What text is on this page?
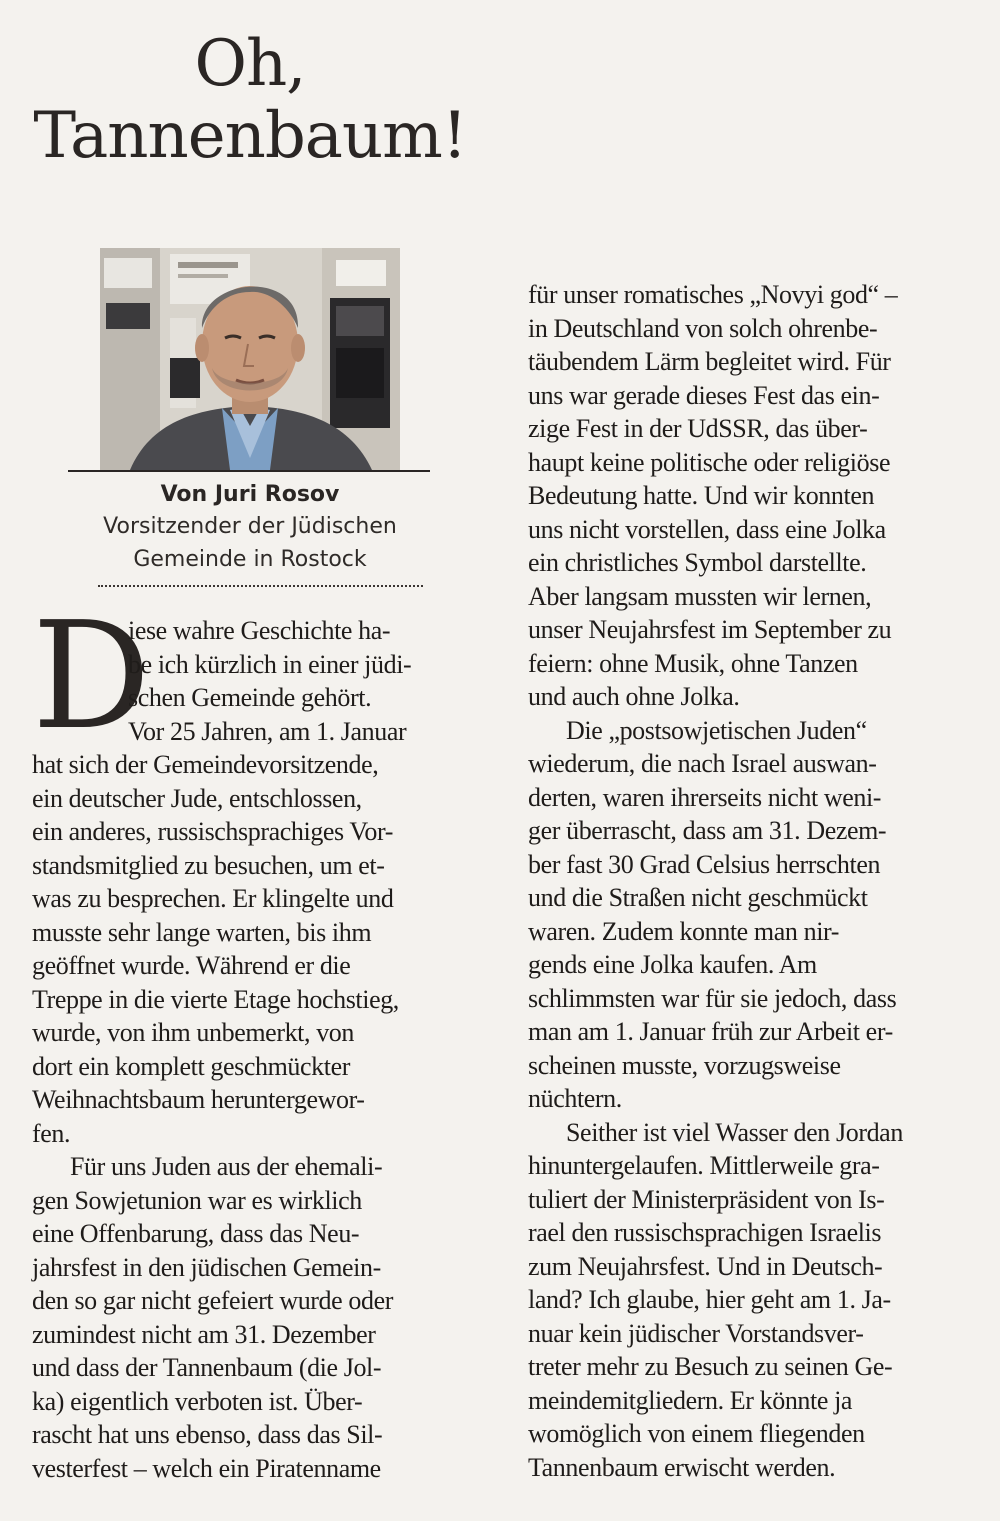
Oh,
Tannenbaum!
Von Juri Rosov
Vorsitzender der Jüdischen
Gemeinde in Rostock
D
iese wahre Geschichte ha-
be ich kürzlich in einer jüdi-
schen Gemeinde gehört.
Vor 25 Jahren, am 1. Januar
hat sich der Gemeindevorsitzende,
ein deutscher Jude, entschlossen,
ein anderes, russischsprachiges Vor-
standsmitglied zu besuchen, um et-
was zu besprechen. Er klingelte und
musste sehr lange warten, bis ihm
geöffnet wurde. Während er die
Treppe in die vierte Etage hochstieg,
wurde, von ihm unbemerkt, von
dort ein komplett geschmückter
Weihnachtsbaum heruntergewor-
fen.
Für uns Juden aus der ehemali-
gen Sowjetunion war es wirklich
eine Offenbarung, dass das Neu-
jahrsfest in den jüdischen Gemein-
den so gar nicht gefeiert wurde oder
zumindest nicht am 31. Dezember
und dass der Tannenbaum (die Jol-
ka) eigentlich verboten ist. Über-
rascht hat uns ebenso, dass das Sil-
vesterfest – welch ein Piratenname
für unser romatisches „Novyi god“ –
in Deutschland von solch ohrenbe-
täubendem Lärm begleitet wird. Für
uns war gerade dieses Fest das ein-
zige Fest in der UdSSR, das über-
haupt keine politische oder religiöse
Bedeutung hatte. Und wir konnten
uns nicht vorstellen, dass eine Jolka
ein christliches Symbol darstellte.
Aber langsam mussten wir lernen,
unser Neujahrsfest im September zu
feiern: ohne Musik, ohne Tanzen
und auch ohne Jolka.
Die „postsowjetischen Juden“
wiederum, die nach Israel auswan-
derten, waren ihrerseits nicht weni-
ger überrascht, dass am 31. Dezem-
ber fast 30 Grad Celsius herrschten
und die Straßen nicht geschmückt
waren. Zudem konnte man nir-
gends eine Jolka kaufen. Am
schlimmsten war für sie jedoch, dass
man am 1. Januar früh zur Arbeit er-
scheinen musste, vorzugsweise
nüchtern.
Seither ist viel Wasser den Jordan
hinuntergelaufen. Mittlerweile gra-
tuliert der Ministerpräsident von Is-
rael den russischsprachigen Israelis
zum Neujahrsfest. Und in Deutsch-
land? Ich glaube, hier geht am 1. Ja-
nuar kein jüdischer Vorstandsver-
treter mehr zu Besuch zu seinen Ge-
meindemitgliedern. Er könnte ja
womöglich von einem fliegenden
Tannenbaum erwischt werden.
